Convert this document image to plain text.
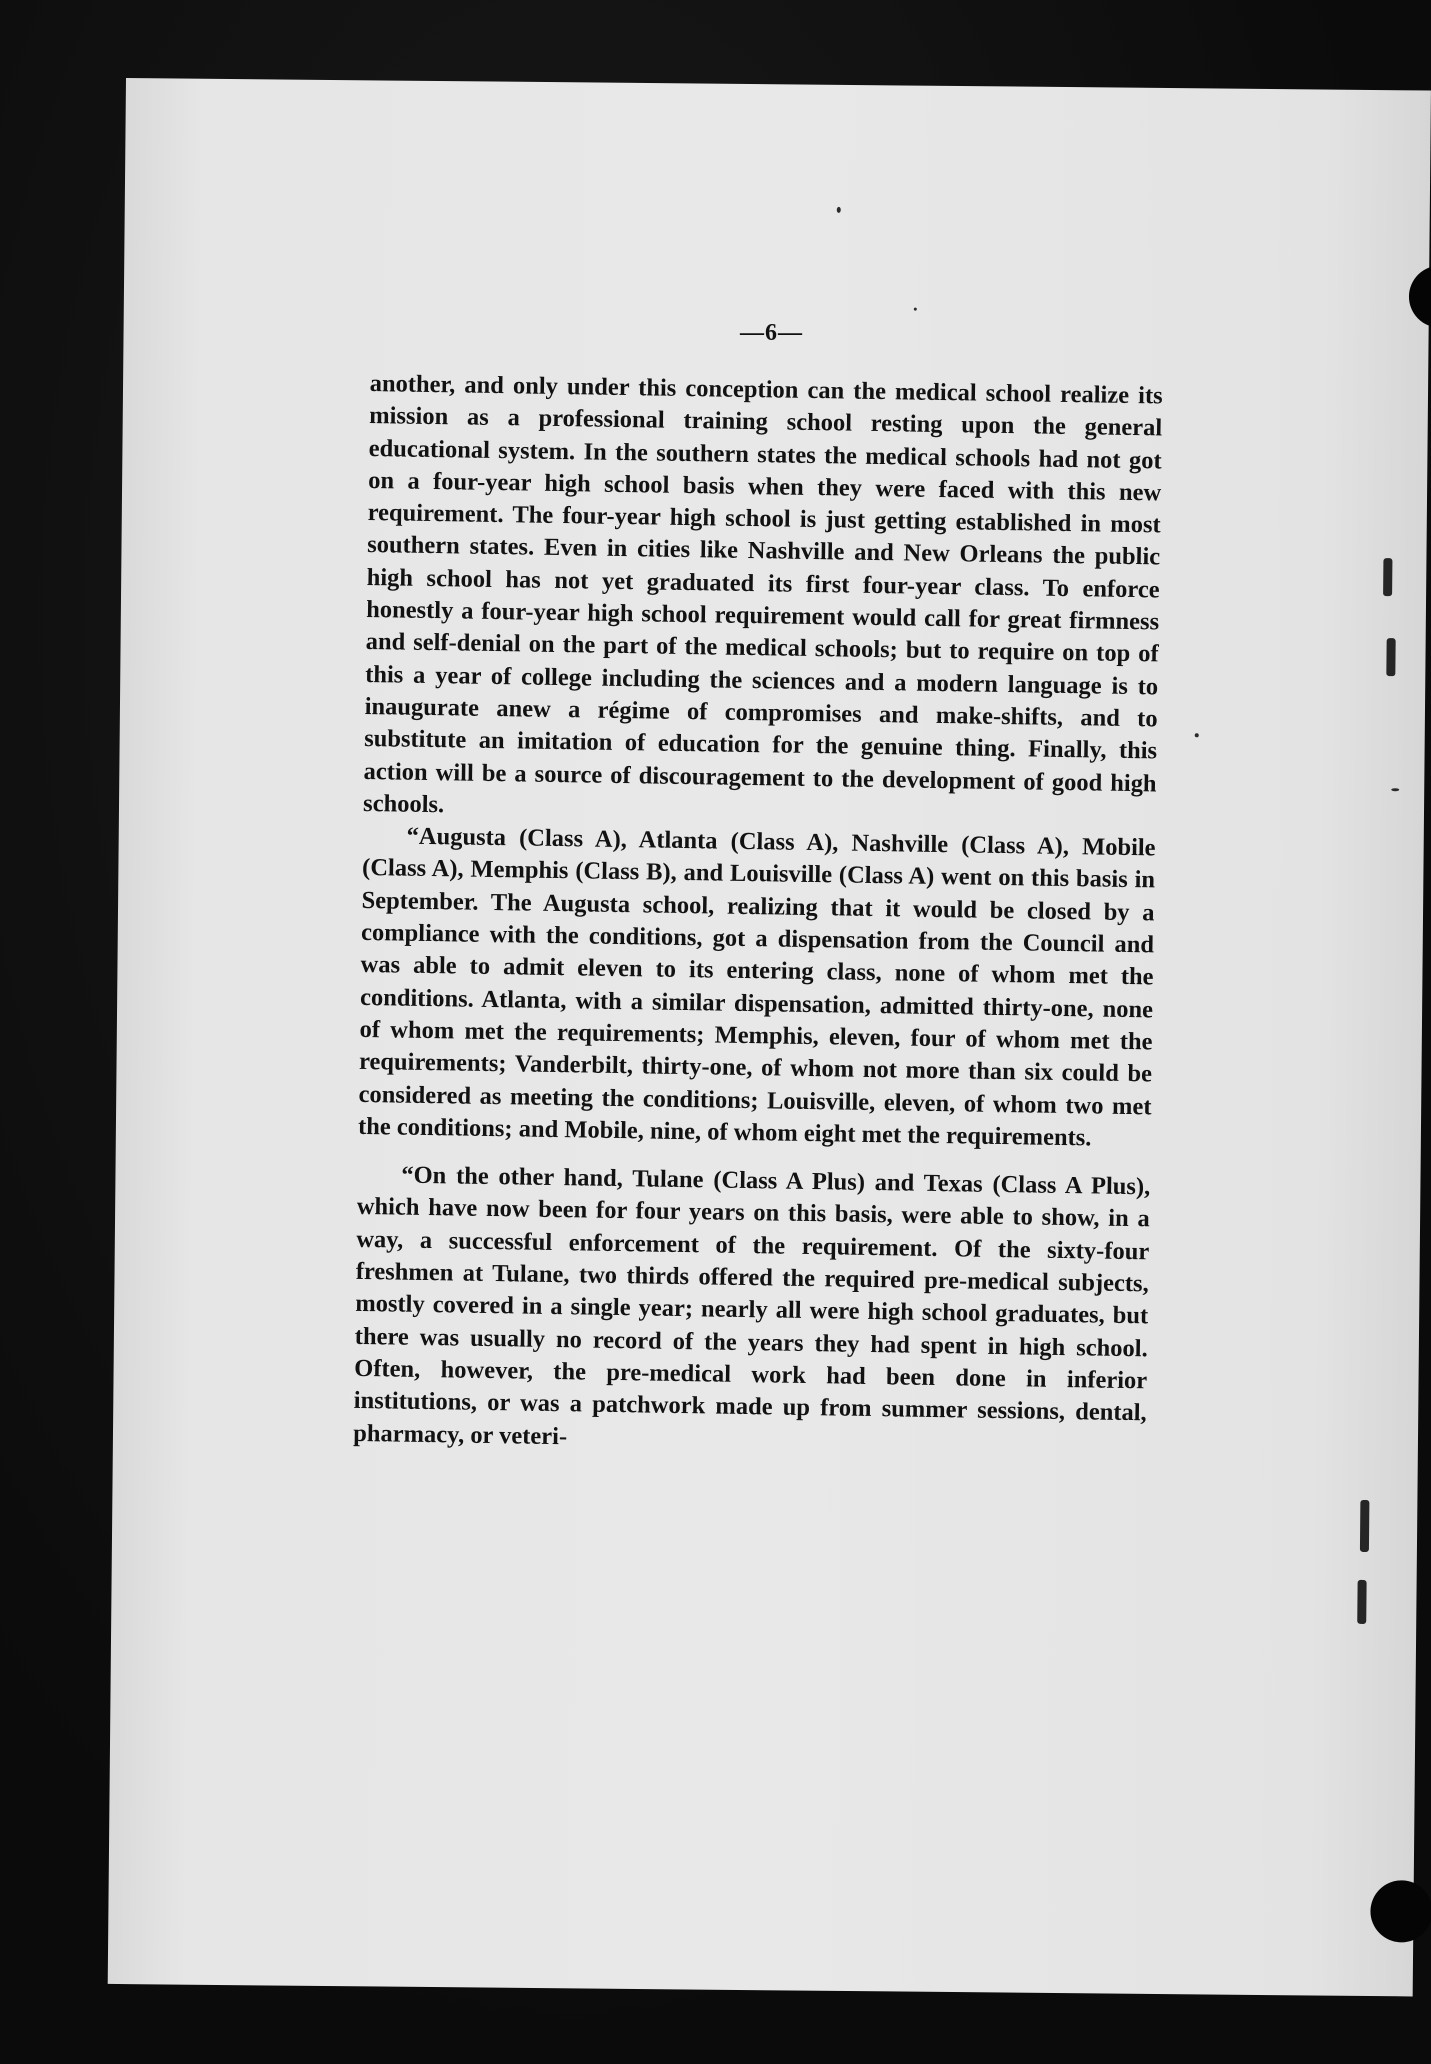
—6—

another, and only under this conception can the medical school realize its mission as a professional training school resting upon the general educational system. In the southern states the medical schools had not got on a four-year high school basis when they were faced with this new requirement. The four-year high school is just getting established in most southern states. Even in cities like Nashville and New Orleans the public high school has not yet graduated its first four-year class. To enforce honestly a four-year high school requirement would call for great firmness and self-denial on the part of the medical schools; but to require on top of this a year of college including the sciences and a modern language is to inaugurate anew a régime of compromises and make-shifts, and to substitute an imitation of education for the genuine thing. Finally, this action will be a source of discouragement to the development of good high schools.

“Augusta (Class A), Atlanta (Class A), Nashville (Class A), Mobile (Class A), Memphis (Class B), and Louisville (Class A) went on this basis in September. The Augusta school, realizing that it would be closed by a compliance with the conditions, got a dispensation from the Council and was able to admit eleven to its entering class, none of whom met the conditions. Atlanta, with a similar dispensation, admitted thirty-one, none of whom met the requirements; Memphis, eleven, four of whom met the requirements; Vanderbilt, thirty-one, of whom not more than six could be considered as meeting the conditions; Louisville, eleven, of whom two met the conditions; and Mobile, nine, of whom eight met the requirements.

“On the other hand, Tulane (Class A Plus) and Texas (Class A Plus), which have now been for four years on this basis, were able to show, in a way, a successful enforcement of the requirement. Of the sixty-four freshmen at Tulane, two thirds offered the required pre-medical subjects, mostly covered in a single year; nearly all were high school graduates, but there was usually no record of the years they had spent in high school. Often, however, the pre-medical work had been done in inferior institutions, or was a patchwork made up from summer sessions, dental, pharmacy, or veteri-
